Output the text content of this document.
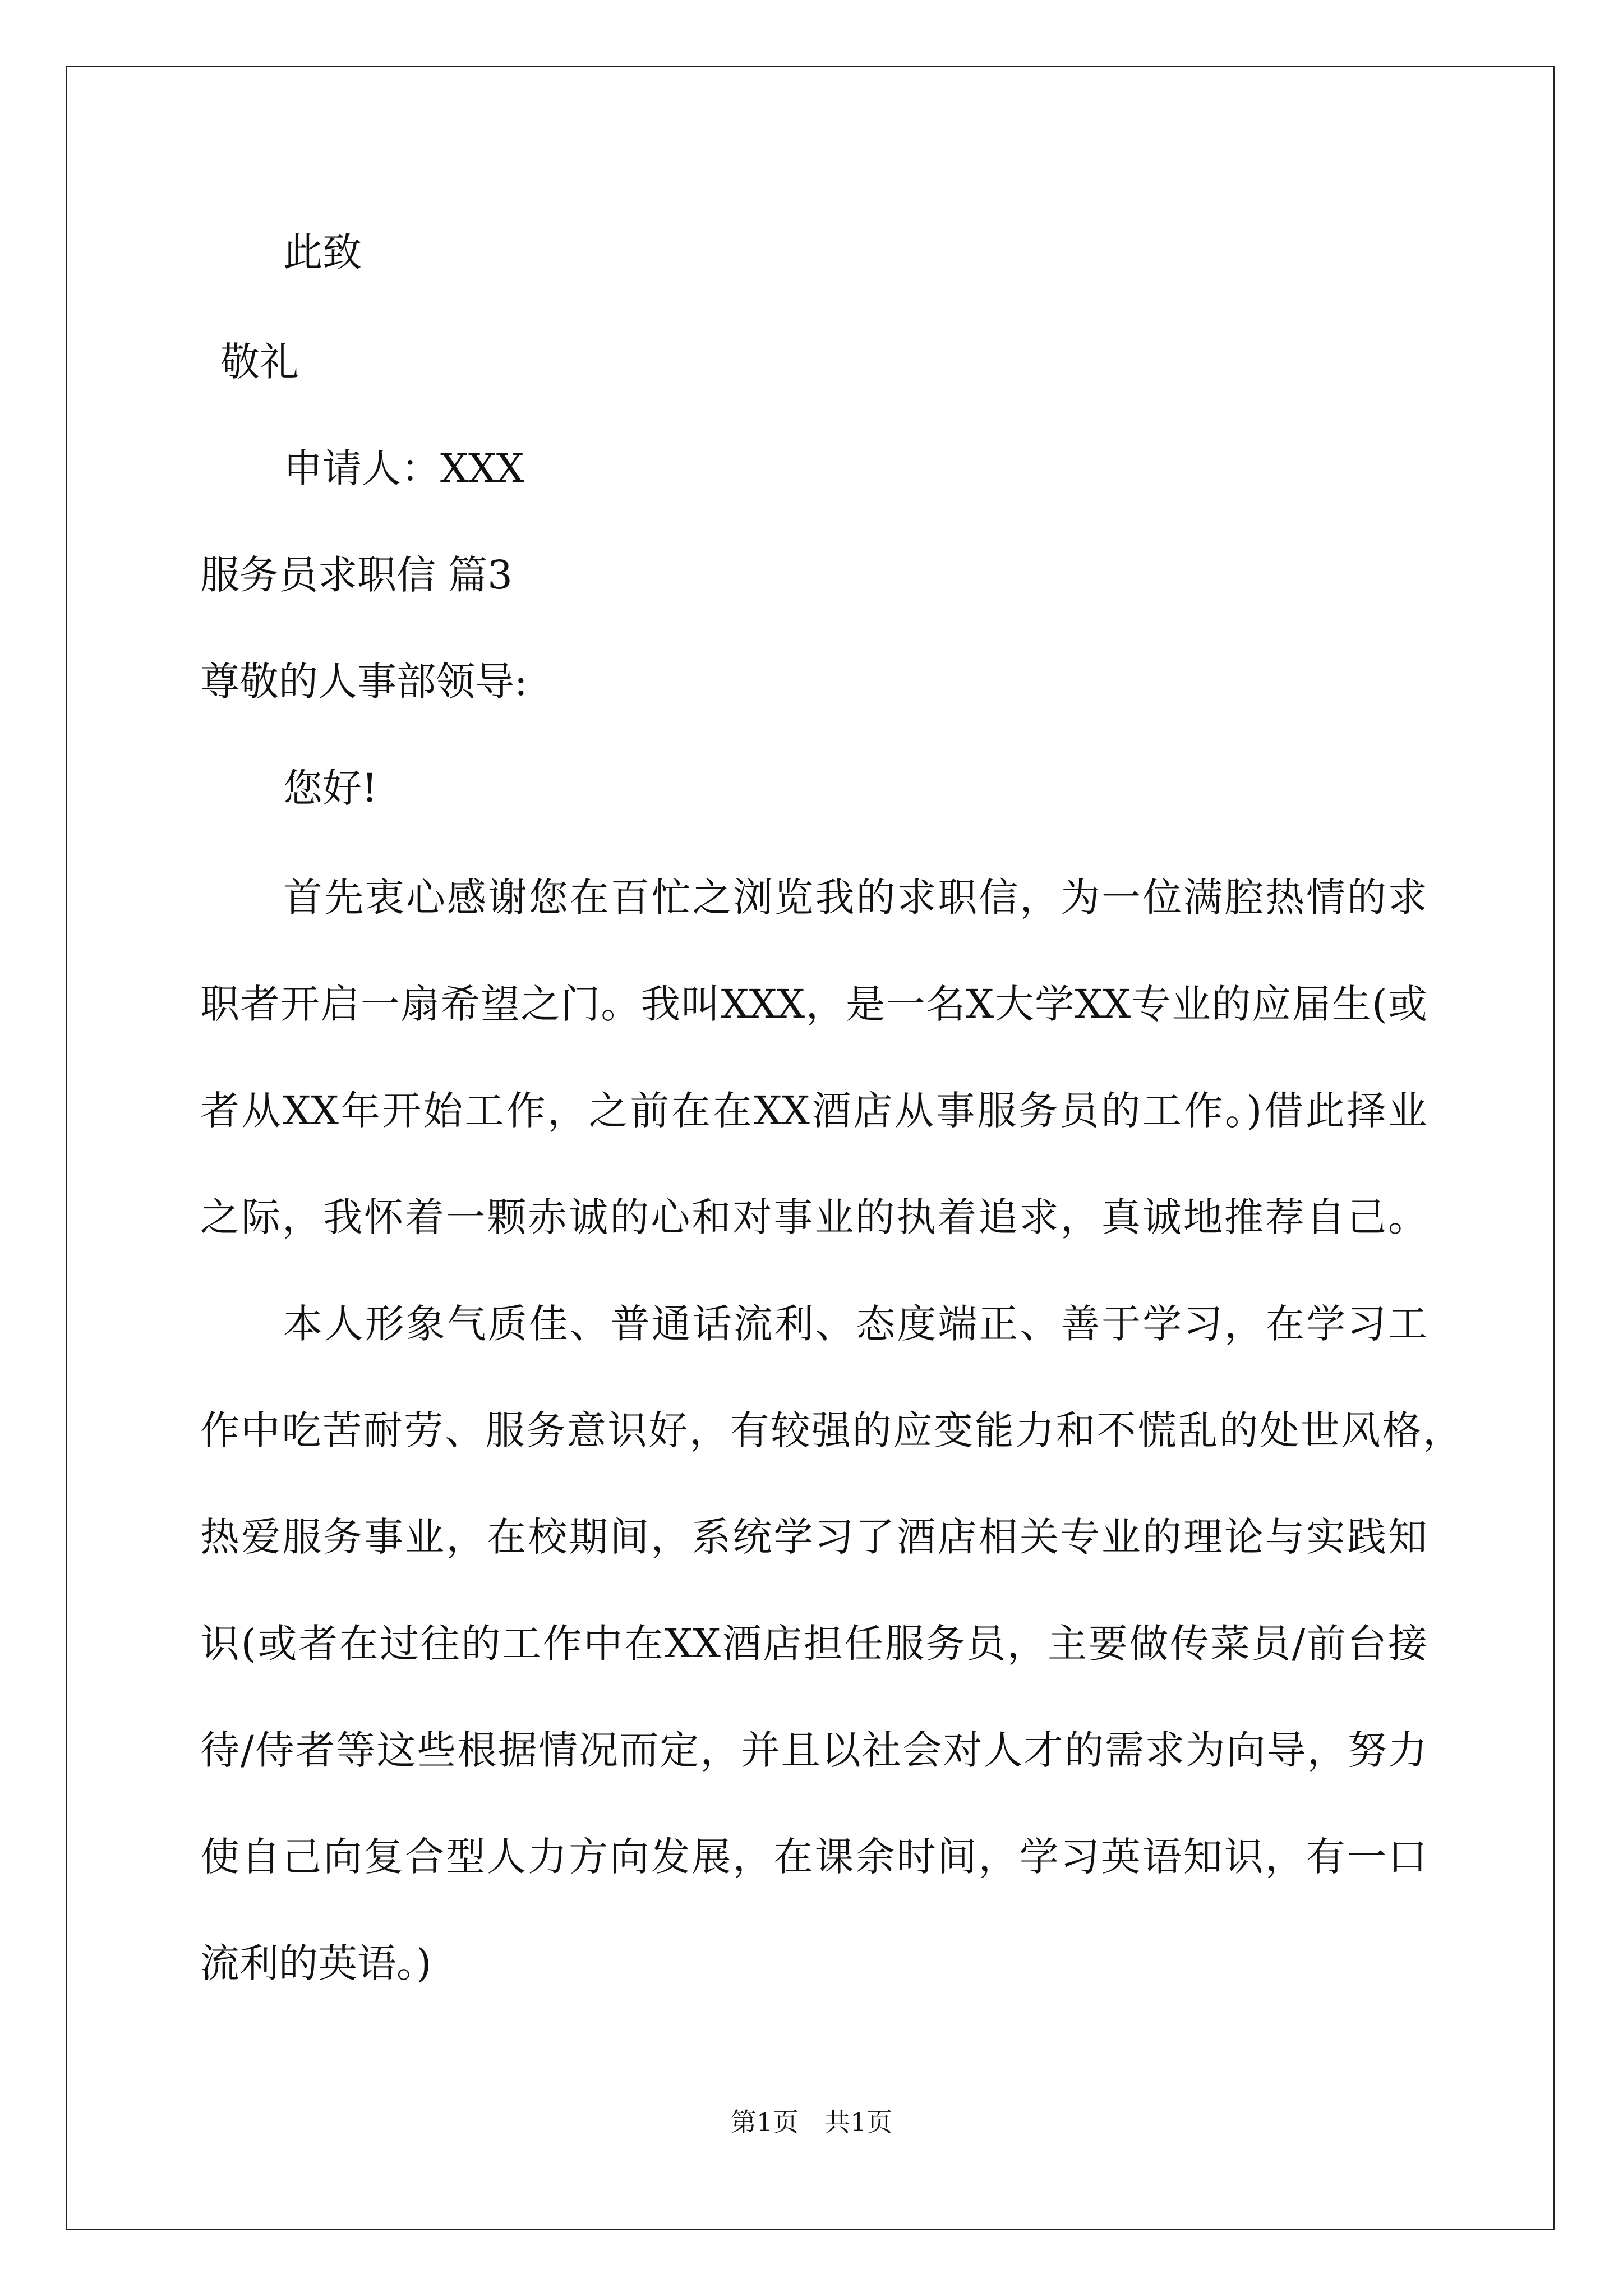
此致
敬礼
申请人：XXX
服务员求职信 篇3
尊敬的人事部领导:
您好!
首先衷心感谢您在百忙之浏览我的求职信，为一位满腔热情的求
职者开启一扇希望之门。我叫XXX，是一名X大学XX专业的应届生(或
者从XX年开始工作，之前在在XX酒店从事服务员的工作。)借此择业
之际，我怀着一颗赤诚的心和对事业的执着追求，真诚地推荐自己。
本人形象气质佳、普通话流利、态度端正、善于学习，在学习工
作中吃苦耐劳、服务意识好，有较强的应变能力和不慌乱的处世风格，
热爱服务事业，在校期间，系统学习了酒店相关专业的理论与实践知
识(或者在过往的工作中在XX酒店担任服务员，主要做传菜员/前台接
待/侍者等这些根据情况而定，并且以社会对人才的需求为向导，努力
使自己向复合型人力方向发展，在课余时间，学习英语知识，有一口
流利的英语。)
第1页　共1页
